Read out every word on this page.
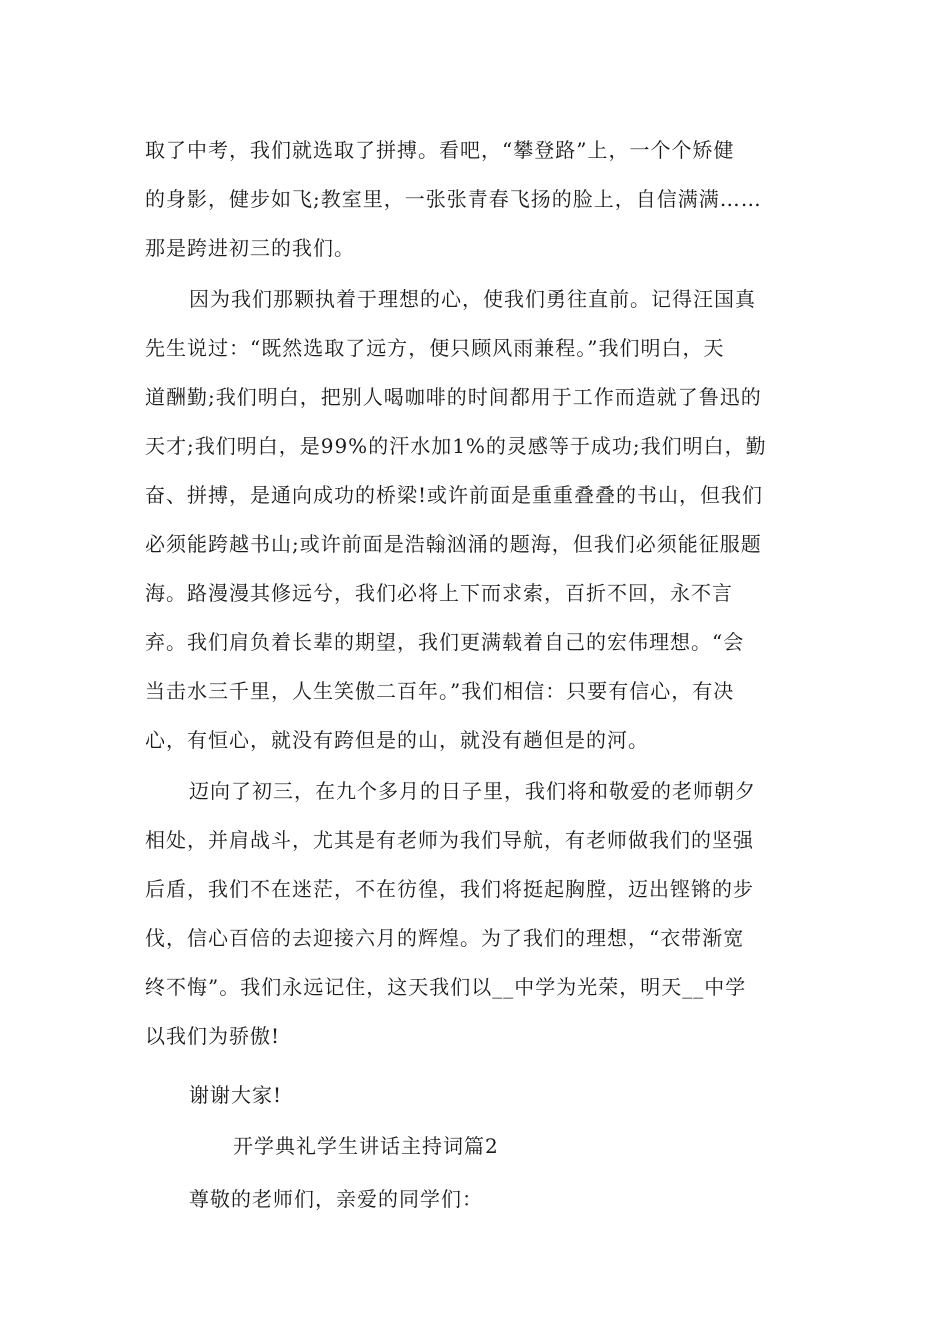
取了中考，我们就选取了拼搏。看吧，“攀登路”上，一个个矫健
的身影，健步如飞;教室里，一张张青春飞扬的脸上，自信满满……
那是跨进初三的我们。
因为我们那颗执着于理想的心，使我们勇往直前。记得汪国真
先生说过：“既然选取了远方，便只顾风雨兼程。”我们明白，天
道酬勤;我们明白，把别人喝咖啡的时间都用于工作而造就了鲁迅的
天才;我们明白，是99%的汗水加1%的灵感等于成功;我们明白，勤
奋、拼搏，是通向成功的桥梁!或许前面是重重叠叠的书山，但我们
必须能跨越书山;或许前面是浩翰汹涌的题海，但我们必须能征服题
海。路漫漫其修远兮，我们必将上下而求索，百折不回，永不言
弃。我们肩负着长辈的期望，我们更满载着自己的宏伟理想。“会
当击水三千里，人生笑傲二百年。”我们相信：只要有信心，有决
心，有恒心，就没有跨但是的山，就没有趟但是的河。
迈向了初三，在九个多月的日子里，我们将和敬爱的老师朝夕
相处，并肩战斗，尤其是有老师为我们导航，有老师做我们的坚强
后盾，我们不在迷茫，不在彷徨，我们将挺起胸膛，迈出铿锵的步
伐，信心百倍的去迎接六月的辉煌。为了我们的理想，“衣带渐宽
终不悔”。我们永远记住，这天我们以__中学为光荣，明天__中学
以我们为骄傲!
谢谢大家!
开学典礼学生讲话主持词篇2
尊敬的老师们，亲爱的同学们：
